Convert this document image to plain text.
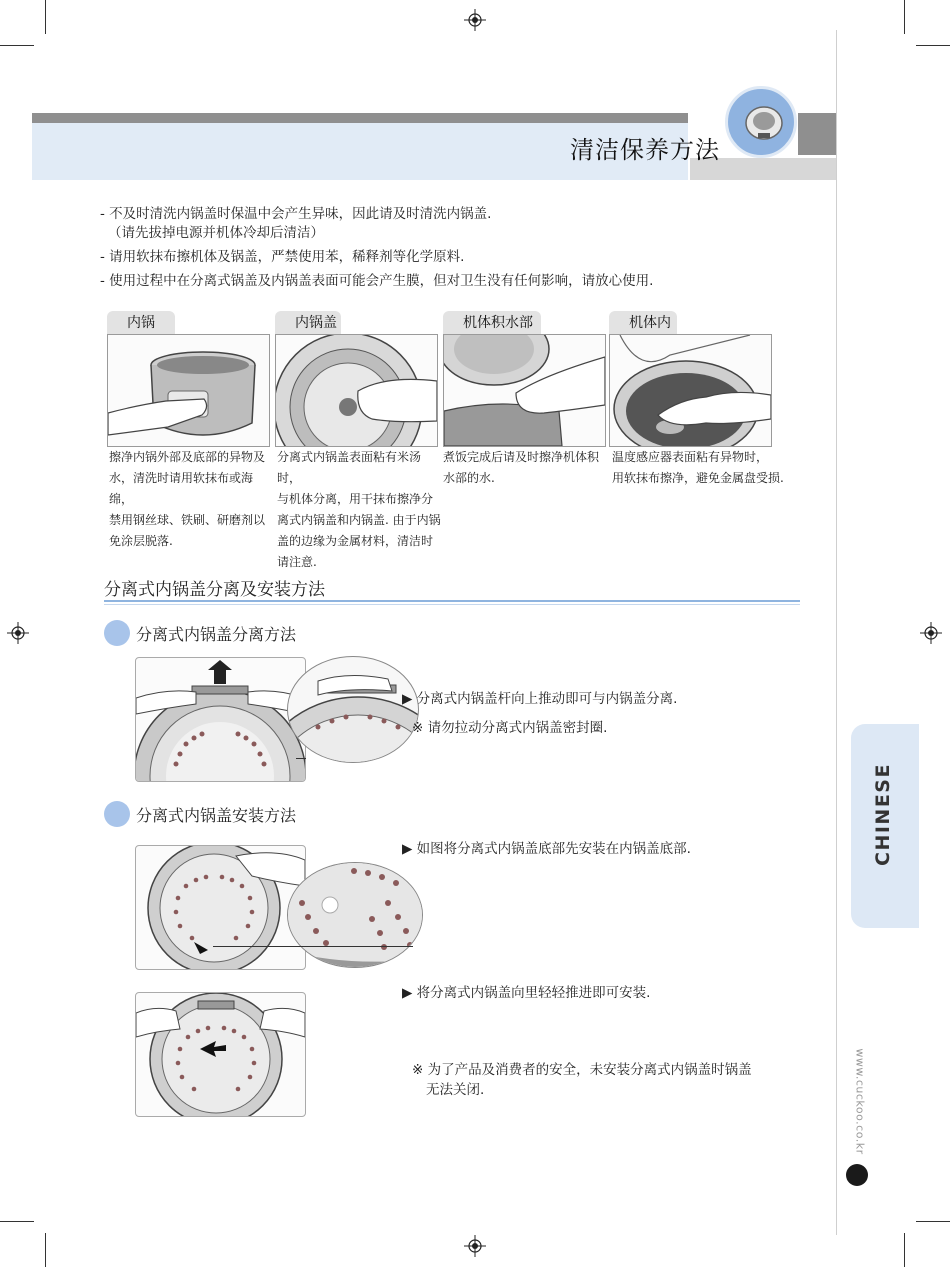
清洁保养方法
- 不及时清洗内锅盖时保温中会产生异味，因此请及时清洗内锅盖.
（请先拔掉电源并机体冷却后清洁）
- 请用软抹布擦机体及锅盖，严禁使用苯，稀释剂等化学原料.
- 使用过程中在分离式锅盖及内锅盖表面可能会产生膜，但对卫生没有任何影响，请放心使用.
内锅	内锅盖	机体积水部	机体内
擦净内锅外部及底部的异物及
水，清洗时请用软抹布或海绵，
禁用钢丝球、铁刷、研磨剂以
免涂层脱落.
分离式内锅盖表面粘有米汤时，
与机体分离，用干抹布擦净分
离式内锅盖和内锅盖. 由于内锅
盖的边缘为金属材料，清洁时
请注意.
煮饭完成后请及时擦净机体积
水部的水.
温度感应器表面粘有异物时，
用软抹布擦净，避免金属盘受损.
分离式内锅盖分离及安装方法
分离式内锅盖分离方法
▶ 分离式内锅盖杆向上推动即可与内锅盖分离.
※ 请勿拉动分离式内锅盖密封圈.
分离式内锅盖安装方法
▶ 如图将分离式内锅盖底部先安装在内锅盖底部.
▶ 将分离式内锅盖向里轻轻推进即可安装.
※ 为了产品及消费者的安全，未安装分离式内锅盖时锅盖
无法关闭.
CHINESE
www.cuckoo.co.kr
